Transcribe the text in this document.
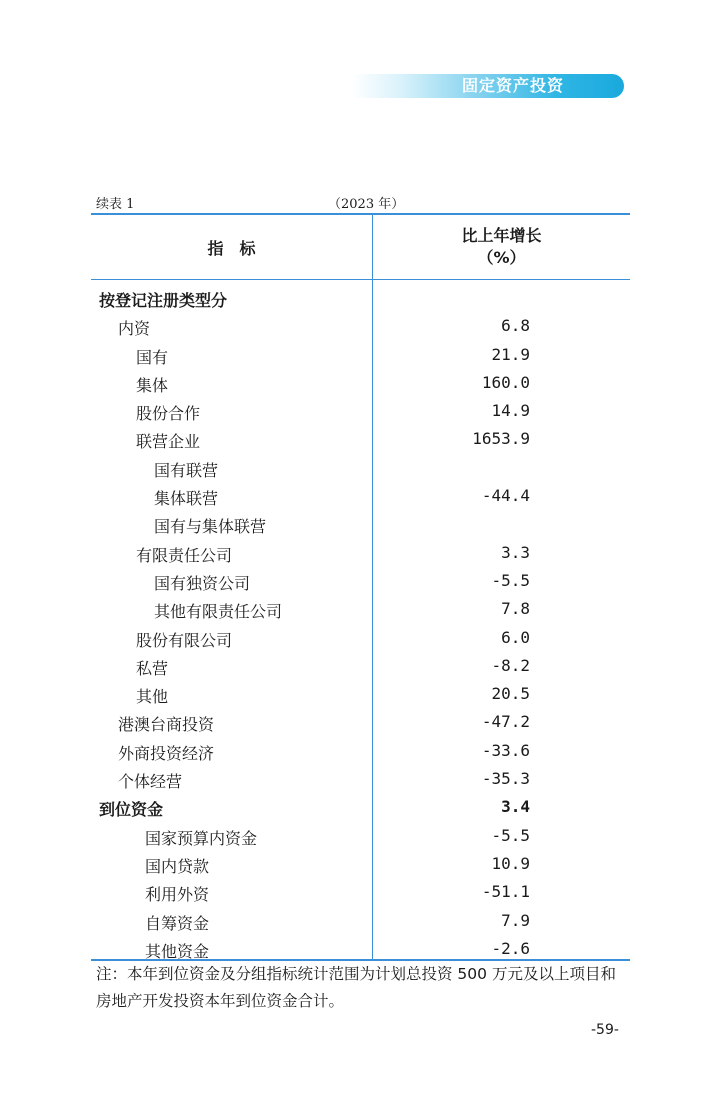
固定资产投资
续表 1	（2023 年）
指　标
比上年增长
（%）
按登记注册类型分
内资	6.8
国有	21.9
集体	160.0
股份合作	14.9
联营企业	1653.9
国有联营
集体联营	-44.4
国有与集体联营
有限责任公司	3.3
国有独资公司	-5.5
其他有限责任公司	7.8
股份有限公司	6.0
私营	-8.2
其他	20.5
港澳台商投资	-47.2
外商投资经济	-33.6
个体经营	-35.3
到位资金	3.4
国家预算内资金	-5.5
国内贷款	10.9
利用外资	-51.1
自筹资金	7.9
其他资金	-2.6
注：本年到位资金及分组指标统计范围为计划总投资 500 万元及以上项目和房地产开发投资本年到位资金合计。
-59-
